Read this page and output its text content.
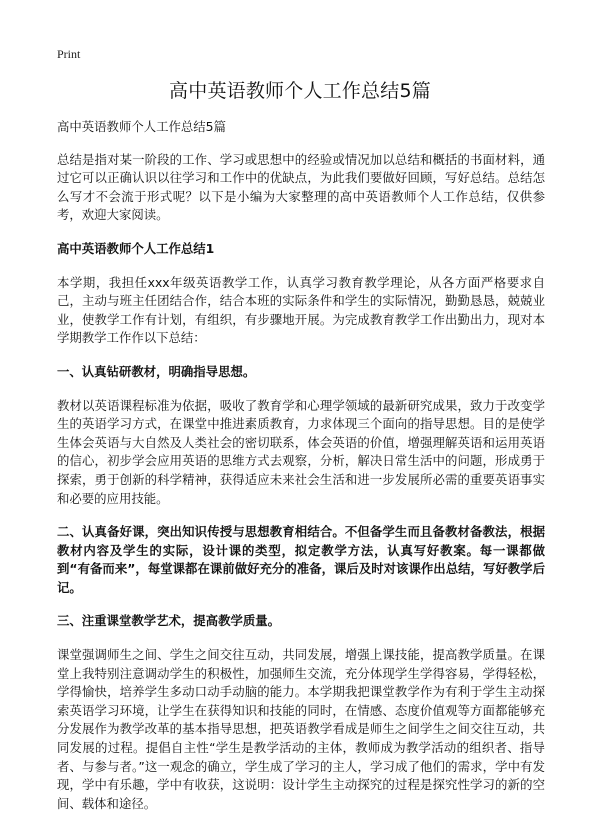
Print
高中英语教师个人工作总结5篇

高中英语教师个人工作总结5篇

总结是指对某一阶段的工作、学习或思想中的经验或情况加以总结和概括的书面材料，通过它可以正确认识以往学习和工作中的优缺点，为此我们要做好回顾，写好总结。总结怎么写才不会流于形式呢？以下是小编为大家整理的高中英语教师个人工作总结，仅供参考，欢迎大家阅读。

高中英语教师个人工作总结1

本学期，我担任xxx年级英语教学工作，认真学习教育教学理论，从各方面严格要求自己，主动与班主任团结合作，结合本班的实际条件和学生的实际情况，勤勤恳恳，兢兢业业，使教学工作有计划，有组织，有步骤地开展。为完成教育教学工作出勤出力，现对本学期教学工作作以下总结：

一、认真钻研教材，明确指导思想。

教材以英语课程标准为依据，吸收了教育学和心理学领域的最新研究成果，致力于改变学生的英语学习方式，在课堂中推进素质教育，力求体现三个面向的指导思想。目的是使学生体会英语与大自然及人类社会的密切联系，体会英语的价值，增强理解英语和运用英语的信心，初步学会应用英语的思维方式去观察，分析，解决日常生活中的问题，形成勇于探索，勇于创新的科学精神，获得适应未来社会生活和进一步发展所必需的重要英语事实和必要的应用技能。

二、认真备好课，突出知识传授与思想教育相结合。不但备学生而且备教材备教法，根据教材内容及学生的实际，设计课的类型，拟定教学方法，认真写好教案。每一课都做到“有备而来”，每堂课都在课前做好充分的准备，课后及时对该课作出总结，写好教学后记。

三、注重课堂教学艺术，提高教学质量。

课堂强调师生之间、学生之间交往互动，共同发展，增强上课技能，提高教学质量。在课堂上我特别注意调动学生的积极性，加强师生交流，充分体现学生学得容易，学得轻松，学得愉快，培养学生多动口动手动脑的能力。本学期我把课堂教学作为有利于学生主动探索英语学习环境，让学生在获得知识和技能的同时，在情感、态度价值观等方面都能够充分发展作为教学改革的基本指导思想，把英语教学看成是师生之间学生之间交往互动，共同发展的过程。提倡自主性“学生是教学活动的主体，教师成为教学活动的组织者、指导者、与参与者。”这一观念的确立，学生成了学习的主人，学习成了他们的需求，学中有发现，学中有乐趣，学中有收获，这说明：设计学生主动探究的过程是探究性学习的新的空间、载体和途径。
